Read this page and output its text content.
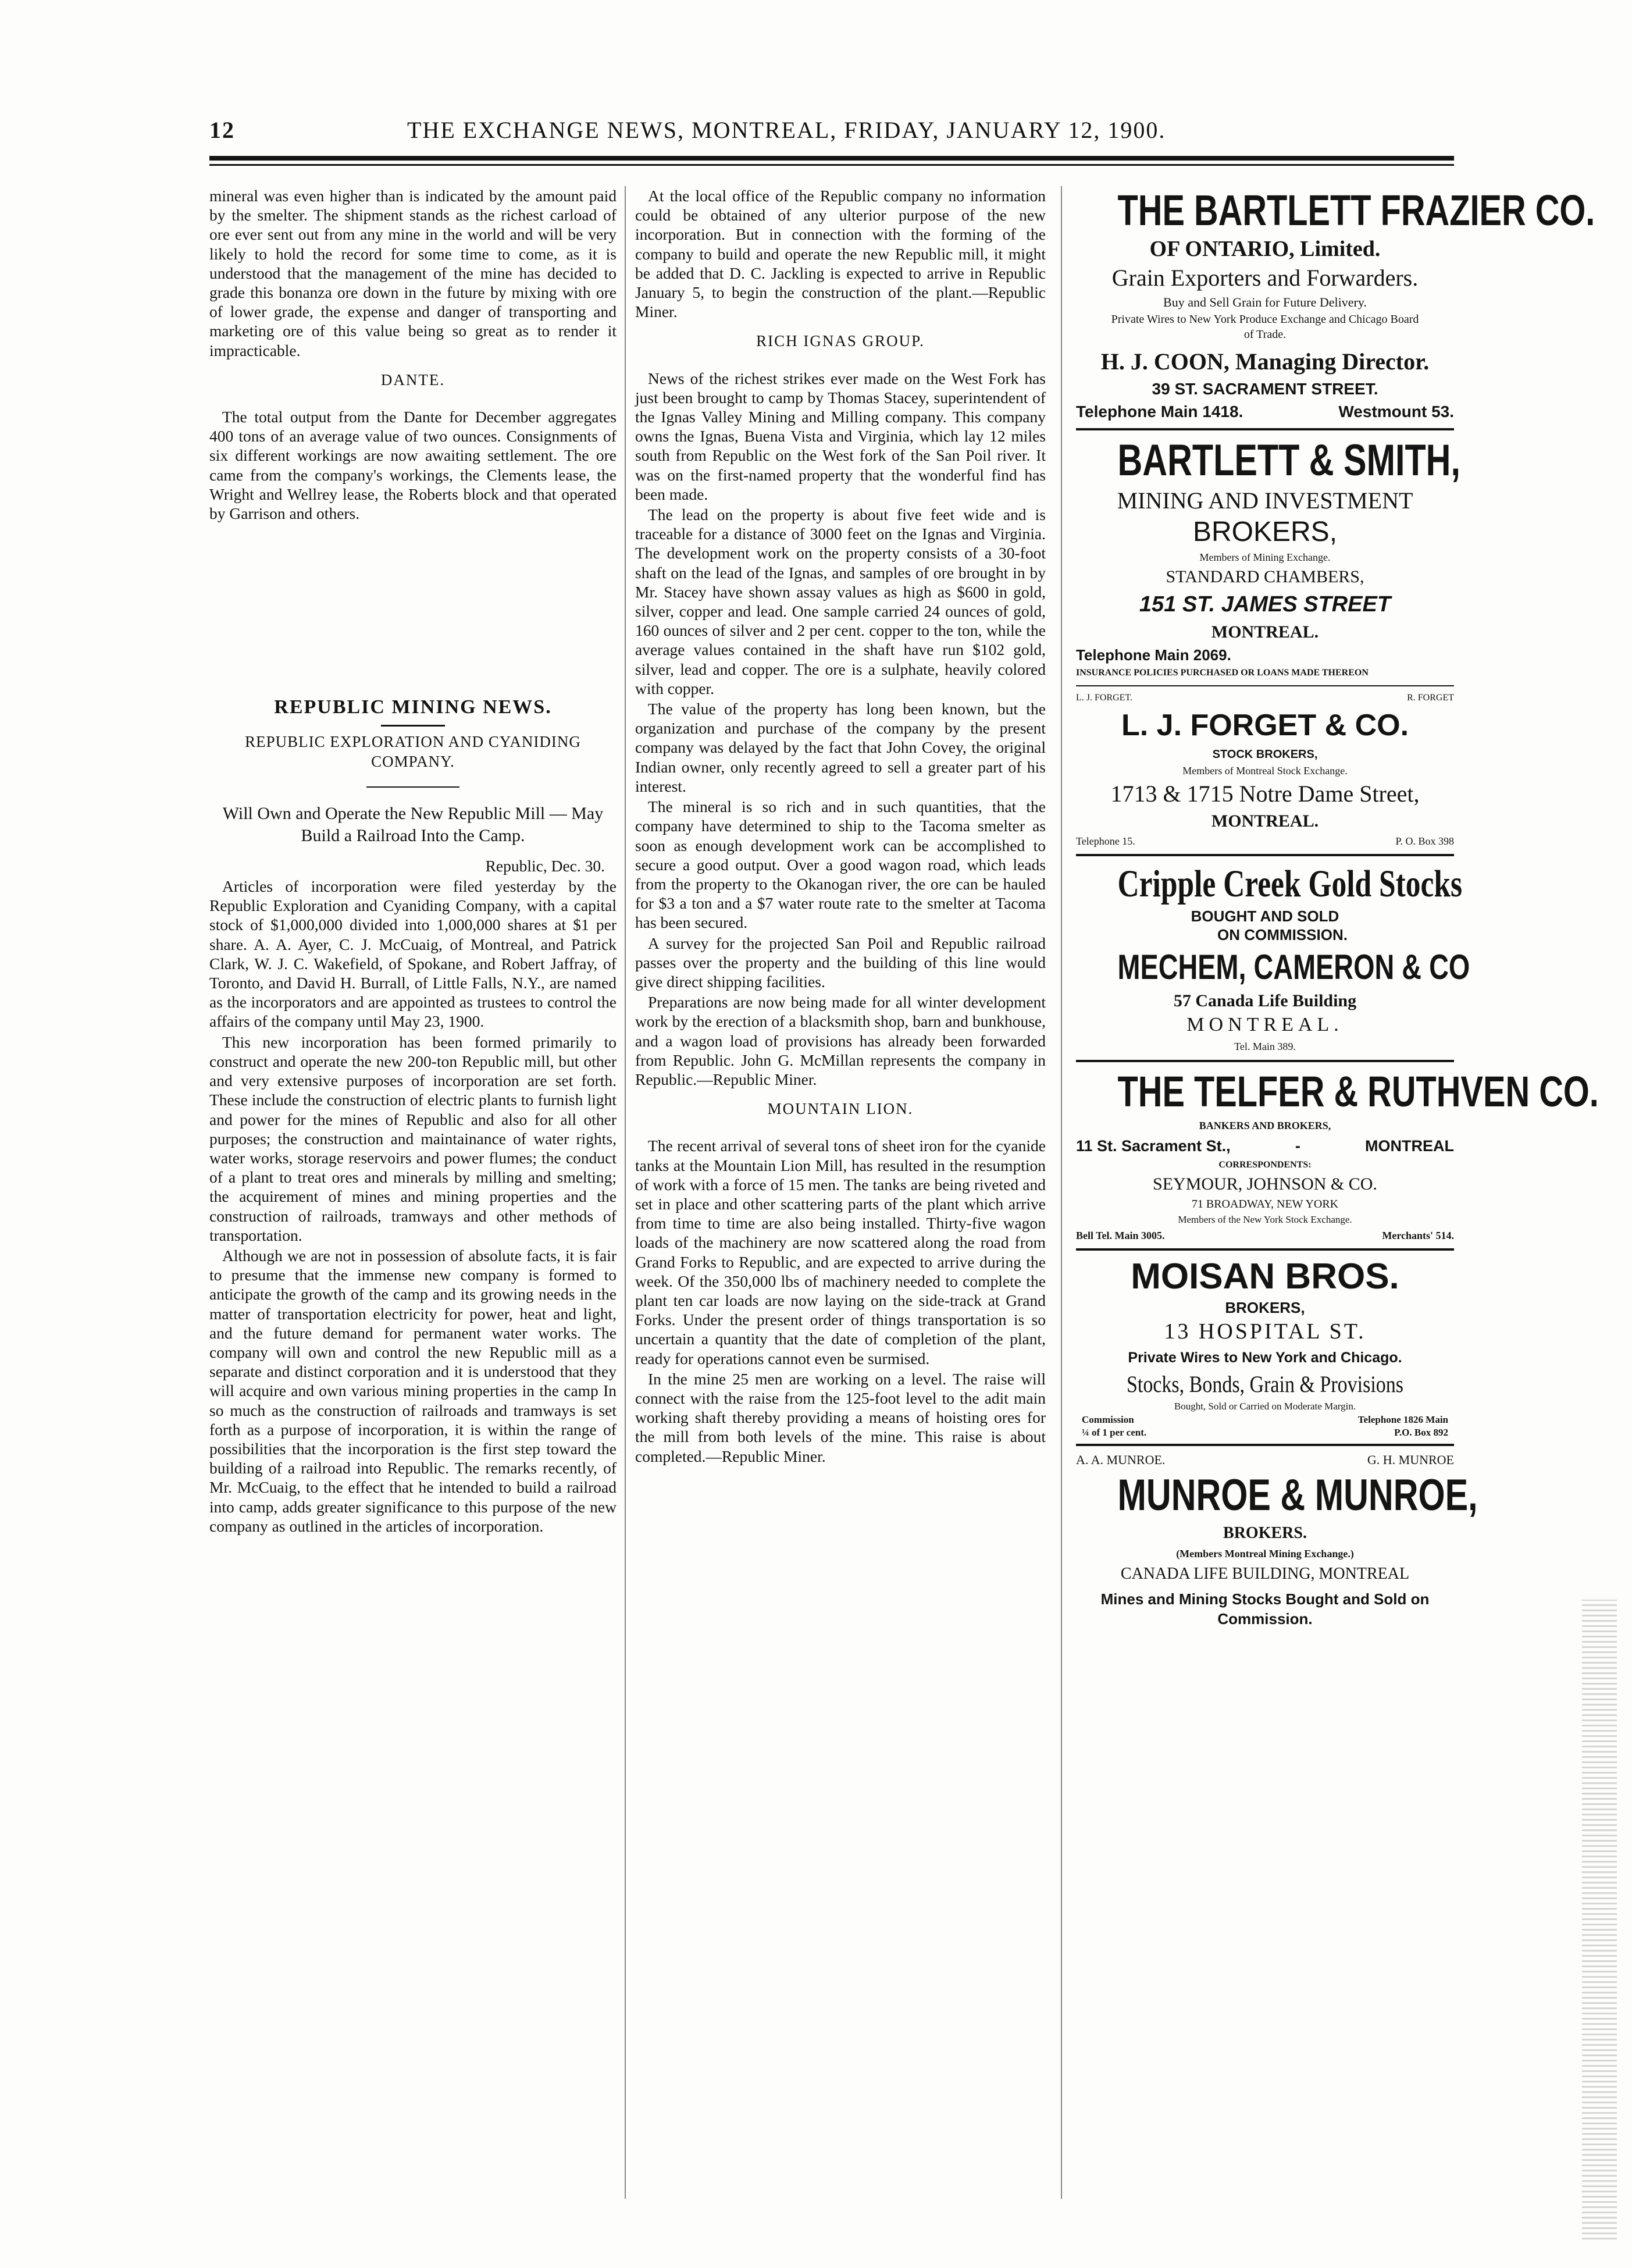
12	THE EXCHANGE NEWS, MONTREAL, FRIDAY, JANUARY 12, 1900.

mineral was even higher than is indicated by the amount paid by the smelter. The shipment stands as the richest carload of ore ever sent out from any mine in the world and will be very likely to hold the record for some time to come, as it is understood that the management of the mine has decided to grade this bonanza ore down in the future by mixing with ore of lower grade, the expense and danger of transporting and marketing ore of this value being so great as to render it impracticable.

DANTE.

The total output from the Dante for December aggregates 400 tons of an average value of two ounces. Consignments of six different workings are now awaiting settlement. The ore came from the company's workings, the Clements lease, the Wright and Wellrey lease, the Roberts block and that operated by Garrison and others.

REPUBLIC MINING NEWS.
REPUBLIC EXPLORATION AND CYANIDING COMPANY.
Will Own and Operate the New Republic Mill — May Build a Railroad Into the Camp.

Republic, Dec. 30.

Articles of incorporation were filed yesterday by the Republic Exploration and Cyaniding Company, with a capital stock of $1,000,000 divided into 1,000,000 shares at $1 per share. A. A. Ayer, C. J. McCuaig, of Montreal, and Patrick Clark, W. J. C. Wakefield, of Spokane, and Robert Jaffray, of Toronto, and David H. Burrall, of Little Falls, N.Y., are named as the incorporators and are appointed as trustees to control the affairs of the company until May 23, 1900.

This new incorporation has been formed primarily to construct and operate the new 200-ton Republic mill, but other and very extensive purposes of incorporation are set forth. These include the construction of electric plants to furnish light and power for the mines of Republic and also for all other purposes; the construction and maintainance of water rights, water works, storage reservoirs and power flumes; the conduct of a plant to treat ores and minerals by milling and smelting; the acquirement of mines and mining properties and the construction of railroads, tramways and other methods of transportation.

Although we are not in possession of absolute facts, it is fair to presume that the immense new company is formed to anticipate the growth of the camp and its growing needs in the matter of transportation electricity for power, heat and light, and the future demand for permanent water works. The company will own and control the new Republic mill as a separate and distinct corporation and it is understood that they will acquire and own various mining properties in the camp In so much as the construction of railroads and tramways is set forth as a purpose of incorporation, it is within the range of possibilities that the incorporation is the first step toward the building of a railroad into Republic. The remarks recently, of Mr. McCuaig, to the effect that he intended to build a railroad into camp, adds greater significance to this purpose of the new company as outlined in the articles of incorporation.

At the local office of the Republic company no information could be obtained of any ulterior purpose of the new incorporation. But in connection with the forming of the company to build and operate the new Republic mill, it might be added that D. C. Jackling is expected to arrive in Republic January 5, to begin the construction of the plant.—Republic Miner.

RICH IGNAS GROUP.

News of the richest strikes ever made on the West Fork has just been brought to camp by Thomas Stacey, superintendent of the Ignas Valley Mining and Milling company. This company owns the Ignas, Buena Vista and Virginia, which lay 12 miles south from Republic on the West fork of the San Poil river. It was on the first-named property that the wonderful find has been made.

The lead on the property is about five feet wide and is traceable for a distance of 3000 feet on the Ignas and Virginia. The development work on the property consists of a 30-foot shaft on the lead of the Ignas, and samples of ore brought in by Mr. Stacey have shown assay values as high as $600 in gold, silver, copper and lead. One sample carried 24 ounces of gold, 160 ounces of silver and 2 per cent. copper to the ton, while the average values contained in the shaft have run $102 gold, silver, lead and copper. The ore is a sulphate, heavily colored with copper.

The value of the property has long been known, but the organization and purchase of the company by the present company was delayed by the fact that John Covey, the original Indian owner, only recently agreed to sell a greater part of his interest.

The mineral is so rich and in such quantities, that the company have determined to ship to the Tacoma smelter as soon as enough development work can be accomplished to secure a good output. Over a good wagon road, which leads from the property to the Okanogan river, the ore can be hauled for $3 a ton and a $7 water route rate to the smelter at Tacoma has been secured.

A survey for the projected San Poil and Republic railroad passes over the property and the building of this line would give direct shipping facilities.

Preparations are now being made for all winter development work by the erection of a blacksmith shop, barn and bunkhouse, and a wagon load of provisions has already been forwarded from Republic. John G. McMillan represents the company in Republic.—Republic Miner.

MOUNTAIN LION.

The recent arrival of several tons of sheet iron for the cyanide tanks at the Mountain Lion Mill, has resulted in the resumption of work with a force of 15 men. The tanks are being riveted and set in place and other scattering parts of the plant which arrive from time to time are also being installed. Thirty-five wagon loads of the machinery are now scattered along the road from Grand Forks to Republic, and are expected to arrive during the week. Of the 350,000 lbs of machinery needed to complete the plant ten car loads are now laying on the side-track at Grand Forks. Under the present order of things transportation is so uncertain a quantity that the date of completion of the plant, ready for operations cannot even be surmised.

In the mine 25 men are working on a level. The raise will connect with the raise from the 125-foot level to the adit main working shaft thereby providing a means of hoisting ores for the mill from both levels of the mine. This raise is about completed.—Republic Miner.

THE BARTLETT FRAZIER CO.
OF ONTARIO, Limited.
Grain Exporters and Forwarders.
Buy and Sell Grain for Future Delivery.
Private Wires to New York Produce Exchange and Chicago Board of Trade.
H. J. COON, Managing Director.
39 ST. SACRAMENT STREET.
Telephone Main 1418.	Westmount 53.
BARTLETT & SMITH,
MINING AND INVESTMENT
BROKERS,
Members of Mining Exchange.
STANDARD CHAMBERS,
151 ST. JAMES STREET
MONTREAL.
Telephone Main 2069.
INSURANCE POLICIES PURCHASED OR LOANS MADE THEREON
L. J. FORGET.	R. FORGET
L. J. FORGET & CO.
STOCK BROKERS,
Members of Montreal Stock Exchange.
1713 & 1715 Notre Dame Street,
MONTREAL.
Telephone 15.	P. O. Box 398
Cripple Creek Gold Stocks
BOUGHT AND SOLD
ON COMMISSION.
MECHEM, CAMERON & CO
57 Canada Life Building
MONTREAL.
Tel. Main 389.
THE TELFER & RUTHVEN CO.
BANKERS AND BROKERS,
11 St. Sacrament St.,	-	MONTREAL
CORRESPONDENTS:
SEYMOUR, JOHNSON & CO.
71 BROADWAY, NEW YORK
Members of the New York Stock Exchange.
Bell Tel. Main 3005.	Merchants' 514.
MOISAN BROS.
BROKERS,
13 HOSPITAL ST.
Private Wires to New York and Chicago.
Stocks, Bonds, Grain & Provisions
Bought, Sold or Carried on Moderate Margin.
Commission	Telephone 1826 Main
¼ of 1 per cent.	P.O. Box 892
A. A. MUNROE.	G. H. MUNROE
MUNROE & MUNROE,
BROKERS.
(Members Montreal Mining Exchange.)
CANADA LIFE BUILDING, MONTREAL
Mines and Mining Stocks Bought and Sold on Commission.
